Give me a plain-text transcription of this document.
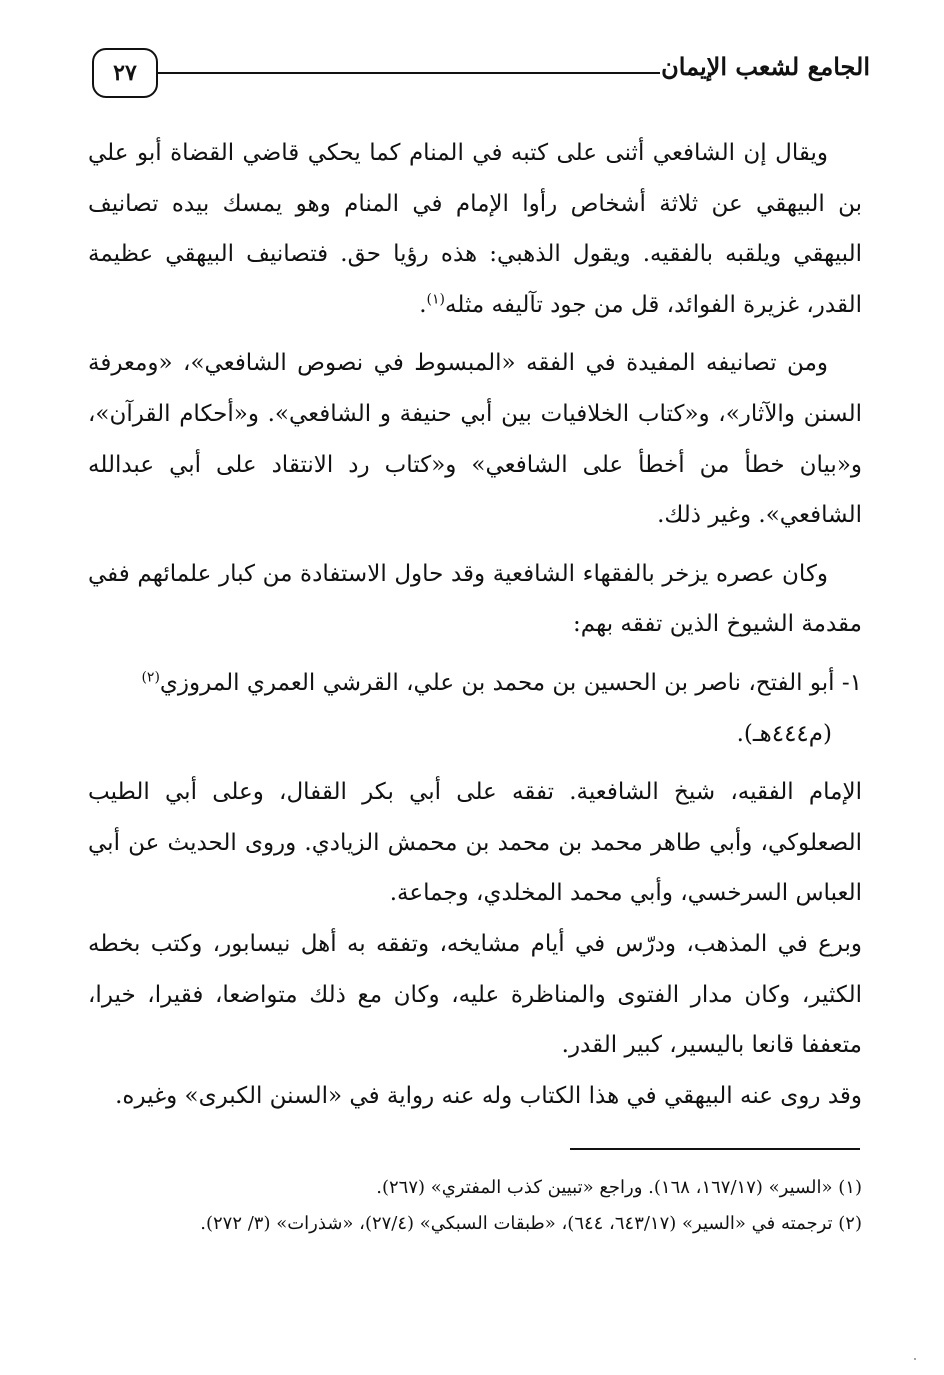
٢٧	الجامع لشعب الإيمان

ويقال إن الشافعي أثنى على كتبه في المنام كما يحكي قاضي القضاة أبو علي بن البيهقي عن ثلاثة أشخاص رأوا الإمام في المنام وهو يمسك بيده تصانيف البيهقي ويلقبه بالفقيه. ويقول الذهبي: هذه رؤيا حق. فتصانيف البيهقي عظيمة القدر، غزيرة الفوائد، قل من جود تآليفه مثله$^{(١)}$.

ومن تصانيفه المفيدة في الفقه «المبسوط في نصوص الشافعي»، «ومعرفة السنن والآثار»، و«كتاب الخلافيات بين أبي حنيفة و الشافعي». و«أحكام القرآن»، و«بيان خطأ من أخطأ على الشافعي» و«كتاب رد الانتقاد على أبي عبدالله الشافعي». وغير ذلك.

وكان عصره يزخر بالفقهاء الشافعية وقد حاول الاستفادة من كبار علمائهم ففي مقدمة الشيوخ الذين تفقه بهم:

١- أبو الفتح، ناصر بن الحسين بن محمد بن علي، القرشي العمري المروزي$^{(٢)}$

(م٤٤٤هـ).

الإمام الفقيه، شيخ الشافعية. تفقه على أبي بكر القفال، وعلى أبي الطيب الصعلوكي، وأبي طاهر محمد بن محمد بن محمش الزيادي. وروى الحديث عن أبي العباس السرخسي، وأبي محمد المخلدي، وجماعة.

وبرع في المذهب، ودرّس في أيام مشايخه، وتفقه به أهل نيسابور، وكتب بخطه الكثير، وكان مدار الفتوى والمناظرة عليه، وكان مع ذلك متواضعا، فقيرا، خيرا، متعففا قانعا باليسير، كبير القدر.

وقد روى عنه البيهقي في هذا الكتاب وله عنه رواية في «السنن الكبرى» وغيره.

(١) «السير» (١٦٧/١٧، ١٦٨). وراجع «تبيين كذب المفتري» (٢٦٧).

(٢) ترجمته في «السير» (٦٤٣/١٧، ٦٤٤)، «طبقات السبكي» (٢٧/٤)، «شذرات» (٣/ ٢٧٢).
